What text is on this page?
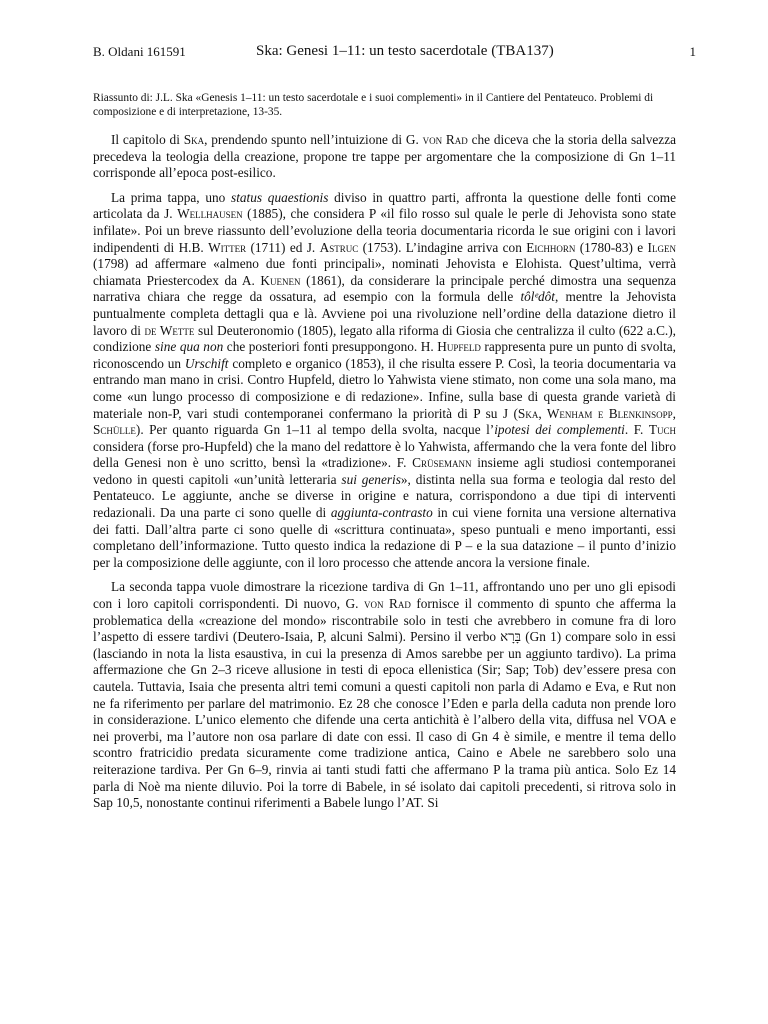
B. Oldani 161591	Ska: Genesi 1–11: un testo sacerdotale (TBA137)	1
Riassunto di: J.L. Ska «Genesis 1–11: un testo sacerdotale e i suoi complementi» in il Cantiere del Pentateuco. Problemi di composizione e di interpretazione, 13-35.

Il capitolo di Ska, prendendo spunto nell’intuizione di G. von Rad che diceva che la storia della salvezza precedeva la teologia della creazione, propone tre tappe per argomentare che la composizione di Gn 1–11 corrisponde all’epoca post-esilico.

La prima tappa, uno status quaestionis diviso in quattro parti, affronta la questione delle fonti come articolata da J. Wellhausen (1885), che considera P «il filo rosso sul quale le perle di Jehovista sono state infilate». Poi un breve riassunto dell’evoluzione della teoria documentaria ricorda le sue origini con i lavori indipendenti di H.B. Witter (1711) ed J. Astruc (1753). L’indagine arriva con Eichhorn (1780-83) e Ilgen (1798) ad affermare «almeno due fonti principali», nominati Jehovista e Elohista. Quest’ultima, verrà chiamata Priestercodex da A. Kuenen (1861), da considerare la principale perché dimostra una sequenza narrativa chiara che regge da ossatura, ad esempio con la formula delle tôlᵉdôt, mentre la Jehovista puntualmente completa dettagli qua e là. Avviene poi una rivoluzione nell’ordine della datazione dietro il lavoro di de Wette sul Deuteronomio (1805), legato alla riforma di Giosia che centralizza il culto (622 a.C.), condizione sine qua non che posteriori fonti presuppongono. H. Hupfeld rappresenta pure un punto di svolta, riconoscendo un Urschift completo e organico (1853), il che risulta essere P. Così, la teoria documentaria va entrando man mano in crisi. Contro Hupfeld, dietro lo Yahwista viene stimato, non come una sola mano, ma come «un lungo processo di composizione e di redazione». Infine, sulla base di questa grande varietà di materiale non-P, vari studi contemporanei confermano la priorità di P su J (Ska, Wenham e Blenkinsopp, Schülle). Per quanto riguarda Gn 1–11 al tempo della svolta, nacque l’ipotesi dei complementi. F. Tuch considera (forse pro-Hupfeld) che la mano del redattore è lo Yahwista, affermando che la vera fonte del libro della Genesi non è uno scritto, bensì la «tradizione». F. Crüsemann insieme agli studiosi contemporanei vedono in questi capitoli «un’unità letteraria sui generis», distinta nella sua forma e teologia dal resto del Pentateuco. Le aggiunte, anche se diverse in origine e natura, corrispondono a due tipi di interventi redazionali. Da una parte ci sono quelle di aggiunta-contrasto in cui viene fornita una versione alternativa dei fatti. Dall’altra parte ci sono quelle di «scrittura continuata», speso puntuali e meno importanti, essi completano dell’informazione. Tutto questo indica la redazione di P – e la sua datazione – il punto d’inizio per la composizione delle aggiunte, con il loro processo che attende ancora la versione finale.

La seconda tappa vuole dimostrare la ricezione tardiva di Gn 1–11, affrontando uno per uno gli episodi con i loro capitoli corrispondenti. Di nuovo, G. von Rad fornisce il commento di spunto che afferma la problematica della «creazione del mondo» riscontrabile solo in testi che avrebbero in comune fra di loro l’aspetto di essere tardivi (Deutero-Isaia, P, alcuni Salmi). Persino il verbo בָּרָא (Gn 1) compare solo in essi (lasciando in nota la lista esaustiva, in cui la presenza di Amos sarebbe per un aggiunto tardivo). La prima affermazione che Gn 2–3 riceve allusione in testi di epoca ellenistica (Sir; Sap; Tob) dev’essere presa con cautela. Tuttavia, Isaia che presenta altri temi comuni a questi capitoli non parla di Adamo e Eva, e Rut non ne fa riferimento per parlare del matrimonio. Ez 28 che conosce l’Eden e parla della caduta non prende loro in considerazione. L’unico elemento che difende una certa antichità è l’albero della vita, diffusa nel VOA e nei proverbi, ma l’autore non osa parlare di date con essi. Il caso di Gn 4 è simile, e mentre il tema dello scontro fratricidio predata sicuramente come tradizione antica, Caino e Abele ne sarebbero solo una reiterazione tardiva. Per Gn 6–9, rinvia ai tanti studi fatti che affermano P la trama più antica. Solo Ez 14 parla di Noè ma niente diluvio. Poi la torre di Babele, in sé isolato dai capitoli precedenti, si ritrova solo in Sap 10,5, nonostante continui riferimenti a Babele lungo l’AT. Si
